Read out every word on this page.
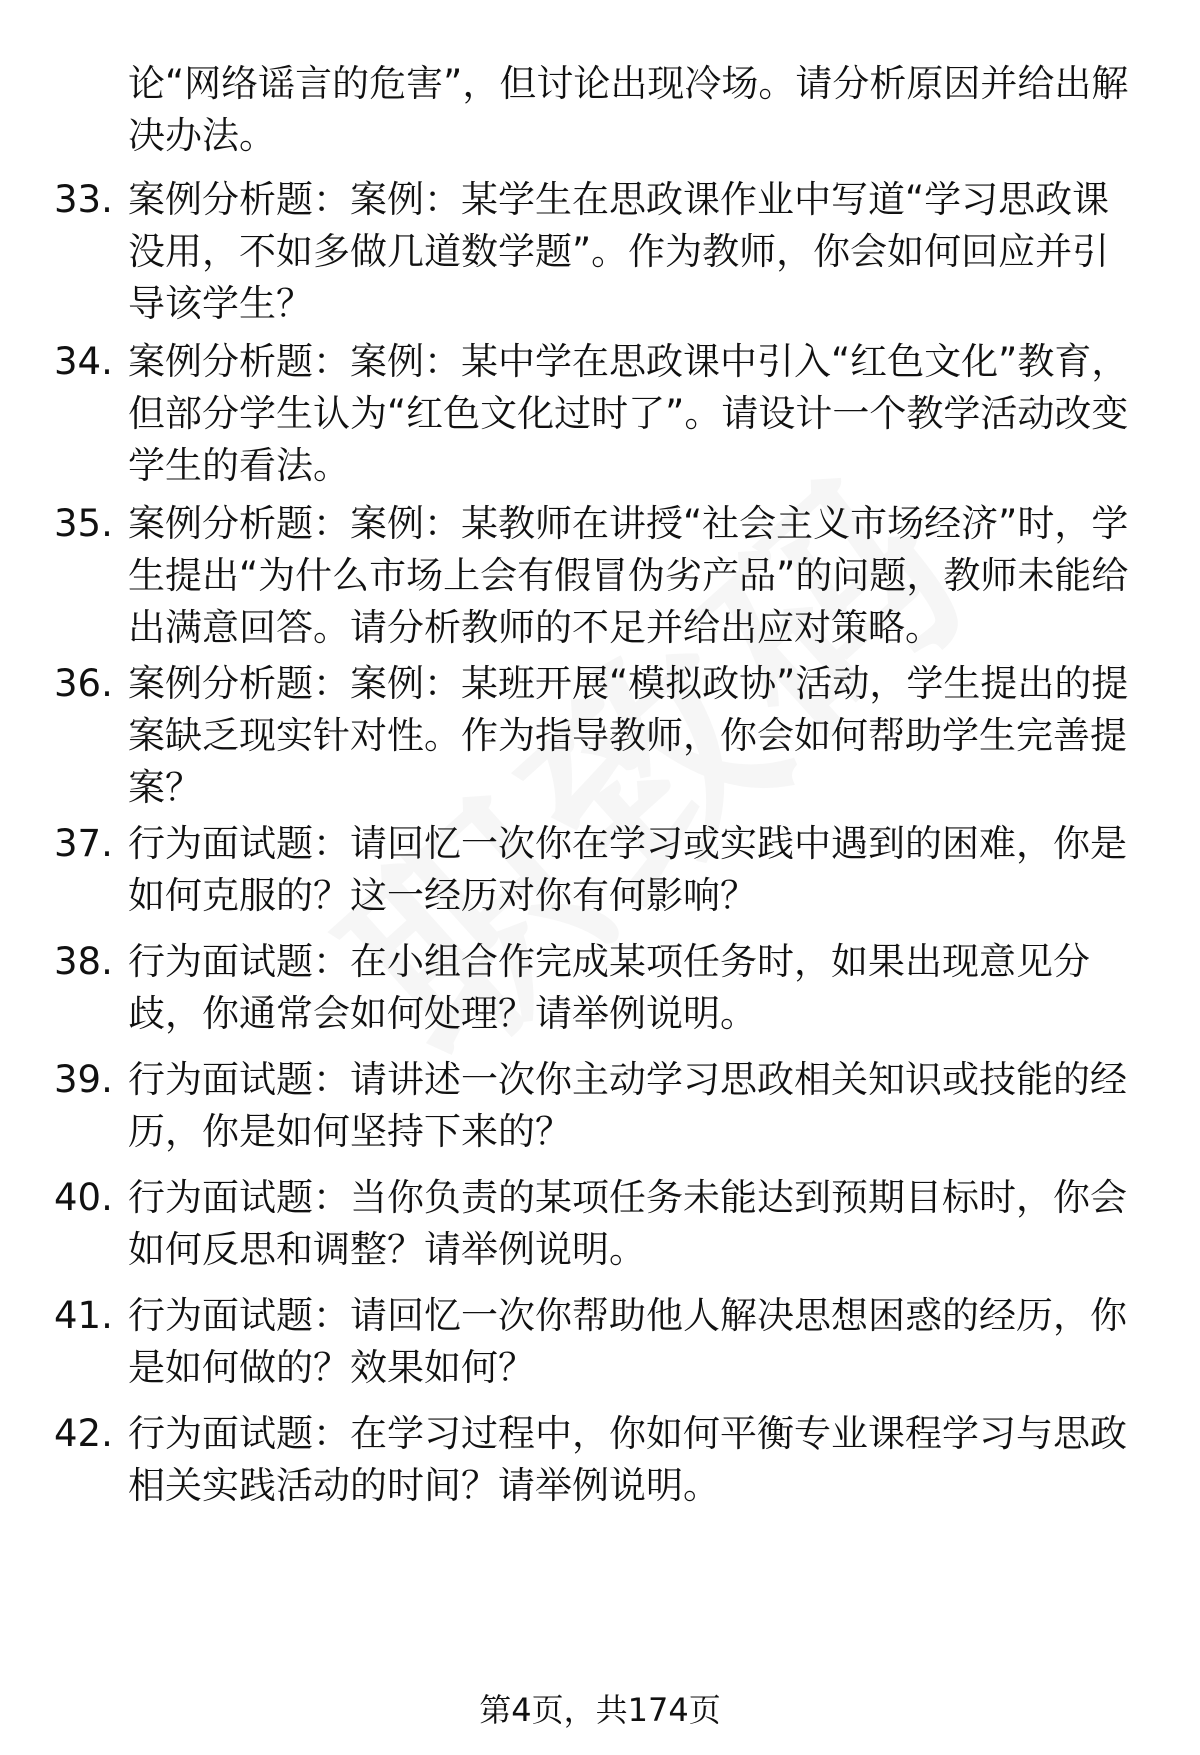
论“网络谣言的危害”，但讨论出现冷场。请分析原因并给出解决办法。

33. 案例分析题：案例：某学生在思政课作业中写道“学习思政课没用，不如多做几道数学题”。作为教师，你会如何回应并引导该学生？

34. 案例分析题：案例：某中学在思政课中引入“红色文化”教育，但部分学生认为“红色文化过时了”。请设计一个教学活动改变学生的看法。

35. 案例分析题：案例：某教师在讲授“社会主义市场经济”时，学生提出“为什么市场上会有假冒伪劣产品”的问题，教师未能给出满意回答。请分析教师的不足并给出应对策略。

36. 案例分析题：案例：某班开展“模拟政协”活动，学生提出的提案缺乏现实针对性。作为指导教师，你会如何帮助学生完善提案？

37. 行为面试题：请回忆一次你在学习或实践中遇到的困难，你是如何克服的？这一经历对你有何影响？

38. 行为面试题：在小组合作完成某项任务时，如果出现意见分歧，你通常会如何处理？请举例说明。

39. 行为面试题：请讲述一次你主动学习思政相关知识或技能的经历，你是如何坚持下来的？

40. 行为面试题：当你负责的某项任务未能达到预期目标时，你会如何反思和调整？请举例说明。

41. 行为面试题：请回忆一次你帮助他人解决思想困惑的经历，你是如何做的？效果如何？

42. 行为面试题：在学习过程中，你如何平衡专业课程学习与思政相关实践活动的时间？请举例说明。

第4页，共174页
